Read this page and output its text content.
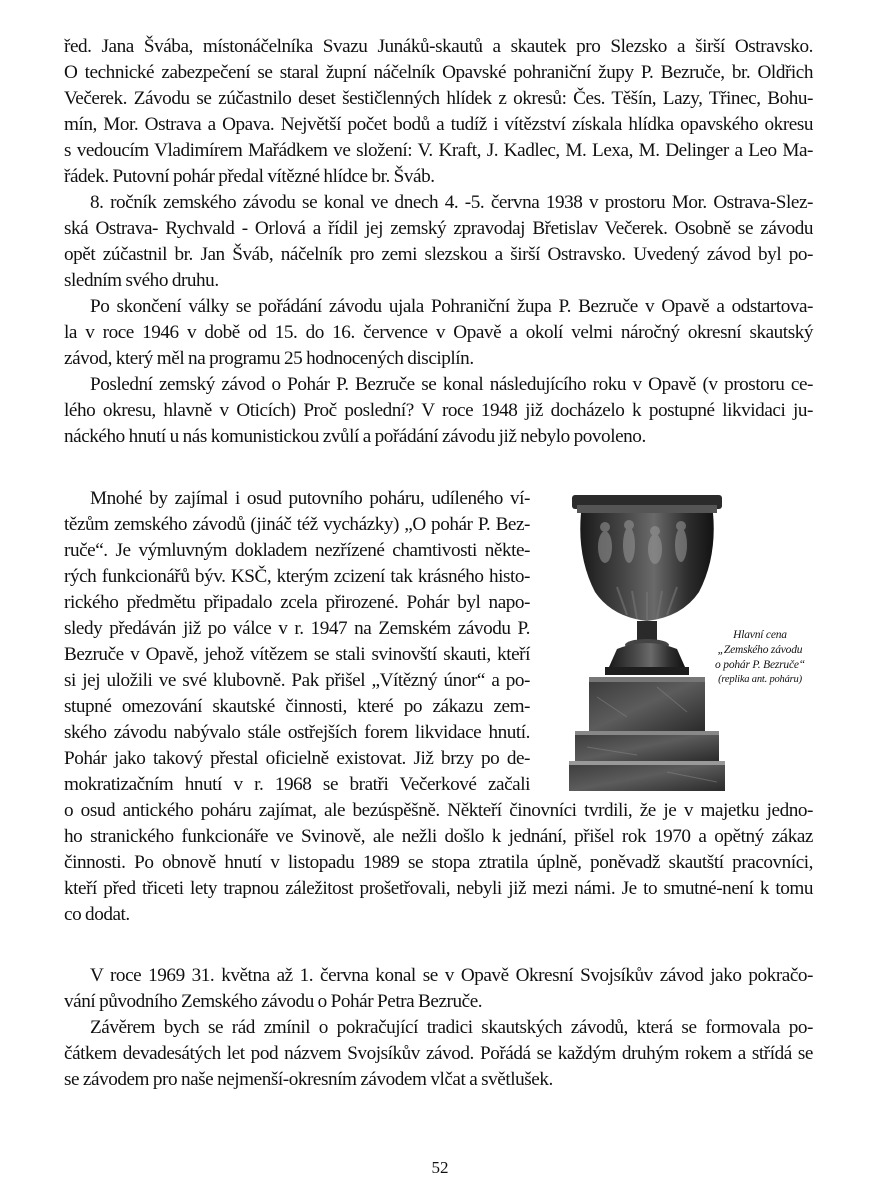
řed. Jana Švába, místonáčelníka Svazu Junáků-skautů a skautek pro Slezsko a širší Ostravsko.
O technické zabezpečení se staral župní náčelník Opavské pohraniční župy P. Bezruče, br. Oldřich
Večerek. Závodu se zúčastnilo deset šestičlenných hlídek z okresů: Čes. Těšín, Lazy, Třinec, Bohu-
mín, Mor. Ostrava a Opava. Největší počet bodů a tudíž i vítězství získala hlídka opavského okresu
s vedoucím Vladimírem Mařádkem ve složení: V. Kraft, J. Kadlec, M. Lexa, M. Delinger a Leo Ma-
řádek. Putovní pohár předal vítězné hlídce br. Šváb.
8. ročník zemského závodu se konal ve dnech 4. -5. června 1938 v prostoru Mor. Ostrava-Slez-
ská Ostrava- Rychvald - Orlová a řídil jej zemský zpravodaj Břetislav Večerek. Osobně se závodu
opět zúčastnil br. Jan Šváb, náčelník pro zemi slezskou a širší Ostravsko. Uvedený závod byl po-
sledním svého druhu.
Po skončení války se pořádání závodu ujala Pohraniční župa P. Bezruče v Opavě a odstartova-
la v roce 1946 v době od 15. do 16. července v Opavě a okolí velmi náročný okresní skautský
závod, který měl na programu 25 hodnocených disciplín.
Poslední zemský závod o Pohár P. Bezruče se konal následujícího roku v Opavě (v prostoru ce-
lého okresu, hlavně v Oticích) Proč poslední? V roce 1948 již docházelo k postupné likvidaci ju-
náckého hnutí u nás komunistickou zvůlí a pořádání závodu již nebylo povoleno.
Mnohé by zajímal i osud putovního poháru, udíleného ví-
tězům zemského závodů (jináč též vycházky) „O pohár P. Bez-
ruče“. Je výmluvným dokladem nezřízené chamtivosti někte-
rých funkcionářů býv. KSČ, kterým zcizení tak krásného histo-
rického předmětu připadalo zcela přirozené. Pohár byl napo-
sledy předáván již po válce v r. 1947 na Zemském závodu P.
Bezruče v Opavě, jehož vítězem se stali svinovští skauti, kteří
si jej uložili ve své klubovně. Pak přišel „Vítězný únor“ a po-
stupné omezování skautské činnosti, které po zákazu zem-
ského závodu nabývalo stále ostřejších forem likvidace hnutí.
Pohár jako takový přestal oficielně existovat. Již brzy po de-
mokratizačním hnutí v r. 1968 se bratři Večerkové začali
o osud antického poháru zajímat, ale bezúspěšně. Někteří činovníci tvrdili, že je v majetku jedno-
ho stranického funkcionáře ve Svinově, ale nežli došlo k jednání, přišel rok 1970 a opětný zákaz
činnosti. Po obnově hnutí v listopadu 1989 se stopa ztratila úplně, poněvadž skautští pracovníci,
kteří před třiceti lety trapnou záležitost prošetřovali, nebyli již mezi námi. Je to smutné-není k tomu
co dodat.
V roce 1969 31. května až 1. června konal se v Opavě Okresní Svojsíkův závod jako pokračo-
vání původního Zemského závodu o Pohár Petra Bezruče.
Závěrem bych se rád zmínil o pokračující tradici skautských závodů, která se formovala po-
čátkem devadesátých let pod názvem Svojsíkův závod. Pořádá se každým druhým rokem a střídá se
se závodem pro naše nejmenší-okresním závodem vlčat a světlušek.
Hlavní cena
„Zemského závodu
o pohár P. Bezruče“
(replika ant. poháru)
52
